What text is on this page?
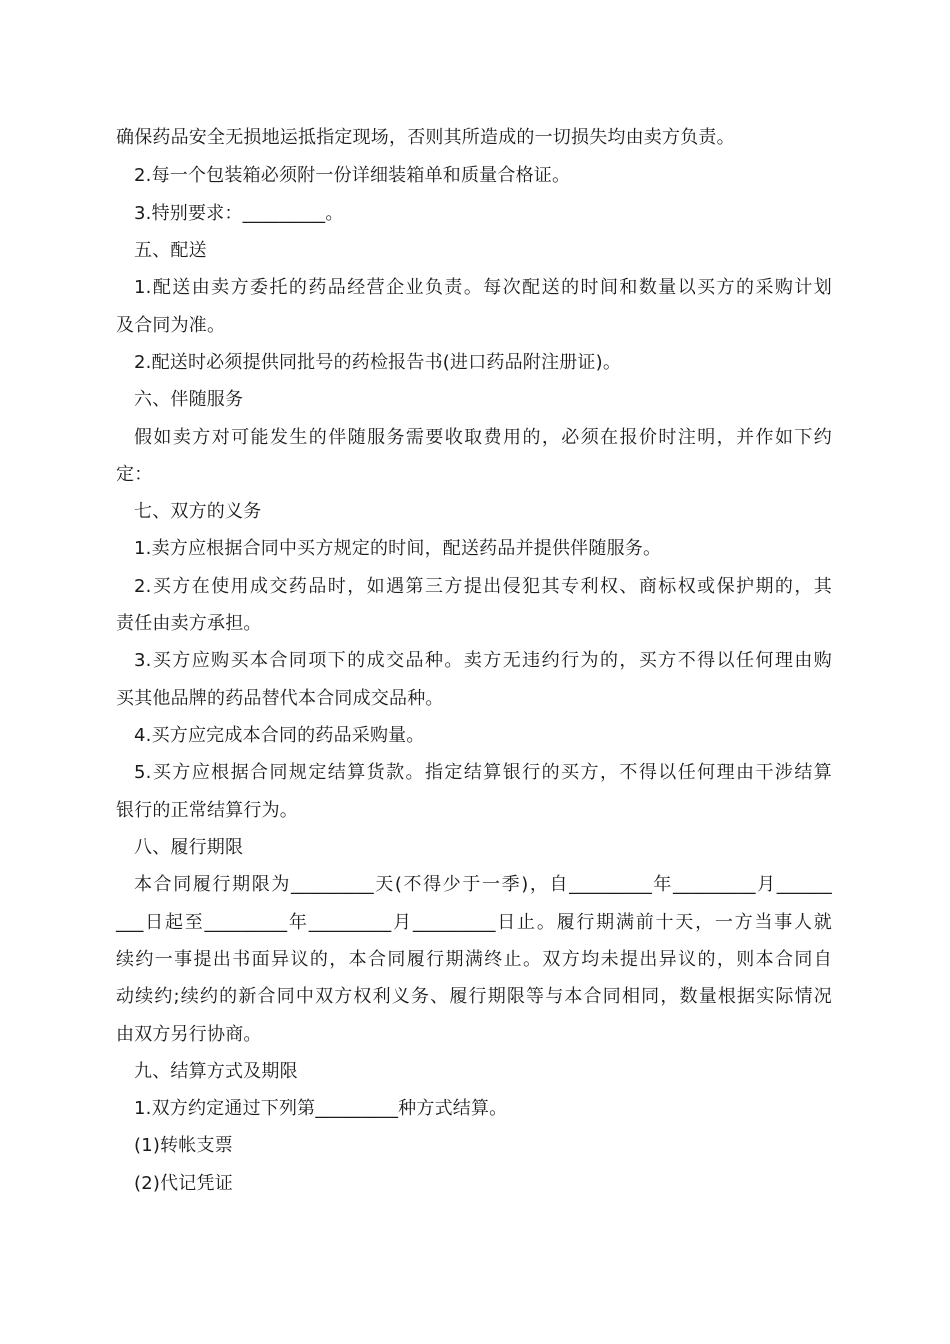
确保药品安全无损地运抵指定现场，否则其所造成的一切损失均由卖方负责。
2.每一个包装箱必须附一份详细装箱单和质量合格证。
3.特别要求：_________。
五、配送
1.配送由卖方委托的药品经营企业负责。每次配送的时间和数量以买方的采购计划
及合同为准。
2.配送时必须提供同批号的药检报告书(进口药品附注册证)。
六、伴随服务
假如卖方对可能发生的伴随服务需要收取费用的，必须在报价时注明，并作如下约
定：
七、双方的义务
1.卖方应根据合同中买方规定的时间，配送药品并提供伴随服务。
2.买方在使用成交药品时，如遇第三方提出侵犯其专利权、商标权或保护期的，其
责任由卖方承担。
3.买方应购买本合同项下的成交品种。卖方无违约行为的，买方不得以任何理由购
买其他品牌的药品替代本合同成交品种。
4.买方应完成本合同的药品采购量。
5.买方应根据合同规定结算货款。指定结算银行的买方，不得以任何理由干涉结算
银行的正常结算行为。
八、履行期限
本合同履行期限为_________天(不得少于一季)，自_________年_________月______
___日起至_________年_________月_________日止。履行期满前十天，一方当事人就
续约一事提出书面异议的，本合同履行期满终止。双方均未提出异议的，则本合同自
动续约;续约的新合同中双方权利义务、履行期限等与本合同相同，数量根据实际情况
由双方另行协商。
九、结算方式及期限
1.双方约定通过下列第_________种方式结算。
(1)转帐支票
(2)代记凭证
